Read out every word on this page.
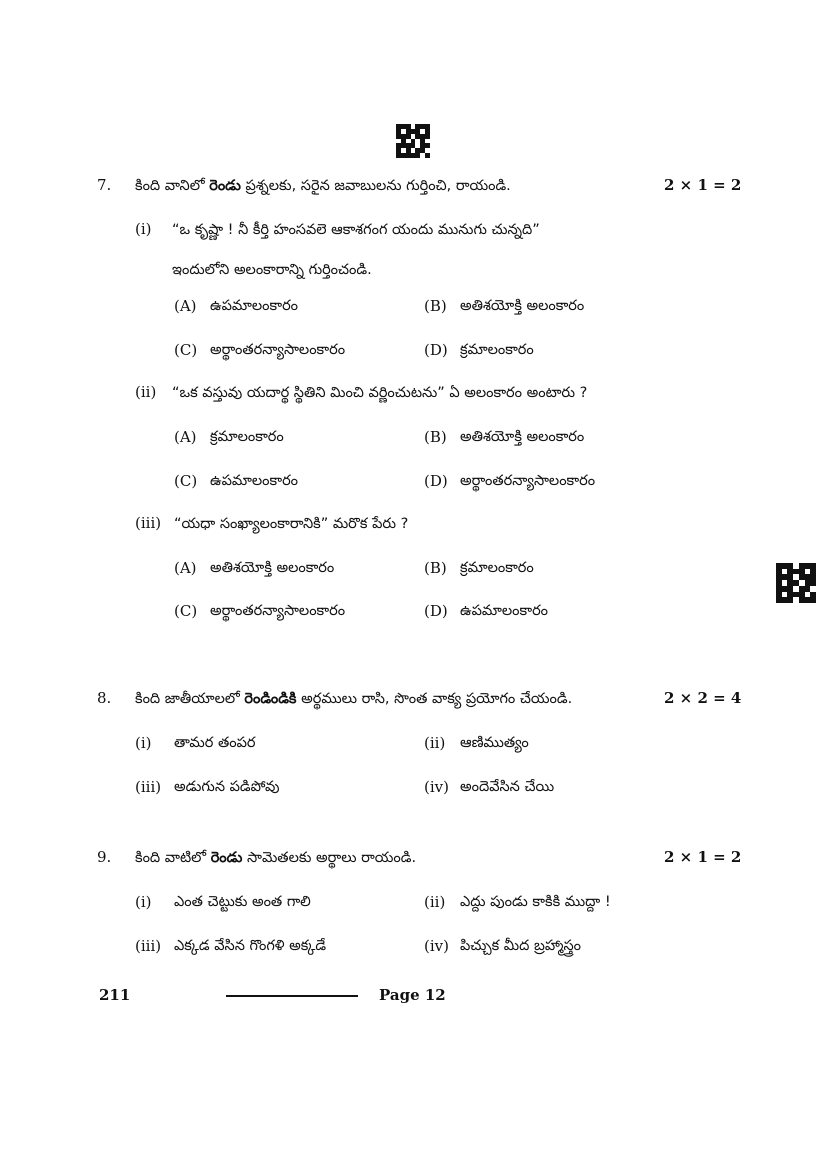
7. కింది వానిలో రెండు ప్రశ్నలకు, సరైన జవాబులను గుర్తించి, రాయండి.	2 × 1 = 2
(i) “ఒ కృష్ణా ! నీ కీర్తి హంసవలె ఆకాశగంగ యందు మునుగు చున్నది”
ఇందులోని అలంకారాన్ని గుర్తించండి.
(A) ఉపమాలంకారం	(B) అతిశయోక్తి అలంకారం
(C) అర్థాంతరన్యాసాలంకారం	(D) క్రమాలంకారం
(ii) “ఒక వస్తువు యదార్థ స్థితిని మించి వర్ణించుటను” ఏ అలంకారం అంటారు ?
(A) క్రమాలంకారం	(B) అతిశయోక్తి అలంకారం
(C) ఉపమాలంకారం	(D) అర్థాంతరన్యాసాలంకారం
(iii) “యధా సంఖ్యాలంకారానికి” మరొక పేరు ?
(A) అతిశయోక్తి అలంకారం	(B) క్రమాలంకారం
(C) అర్థాంతరన్యాసాలంకారం	(D) ఉపమాలంకారం
8. కింది జాతీయాలలో రెండిండికి అర్థములు రాసి, సొంత వాక్య ప్రయోగం చేయండి.	2 × 2 = 4
(i) తామర తంపర	(ii) ఆణిముత్యం
(iii) అడుగున పడిపోవు	(iv) అందెవేసిన చేయి
9. కింది వాటిలో రెండు సామెతలకు అర్థాలు రాయండి.	2 × 1 = 2
(i) ఎంత చెట్టుకు అంత గాలి	(ii) ఎద్దు పుండు కాకికి ముద్దా !
(iii) ఎక్కడ వేసిన గొంగళి అక్కడే	(iv) పిచ్చుక మీద బ్రహ్మాస్త్రం
211	Page 12
